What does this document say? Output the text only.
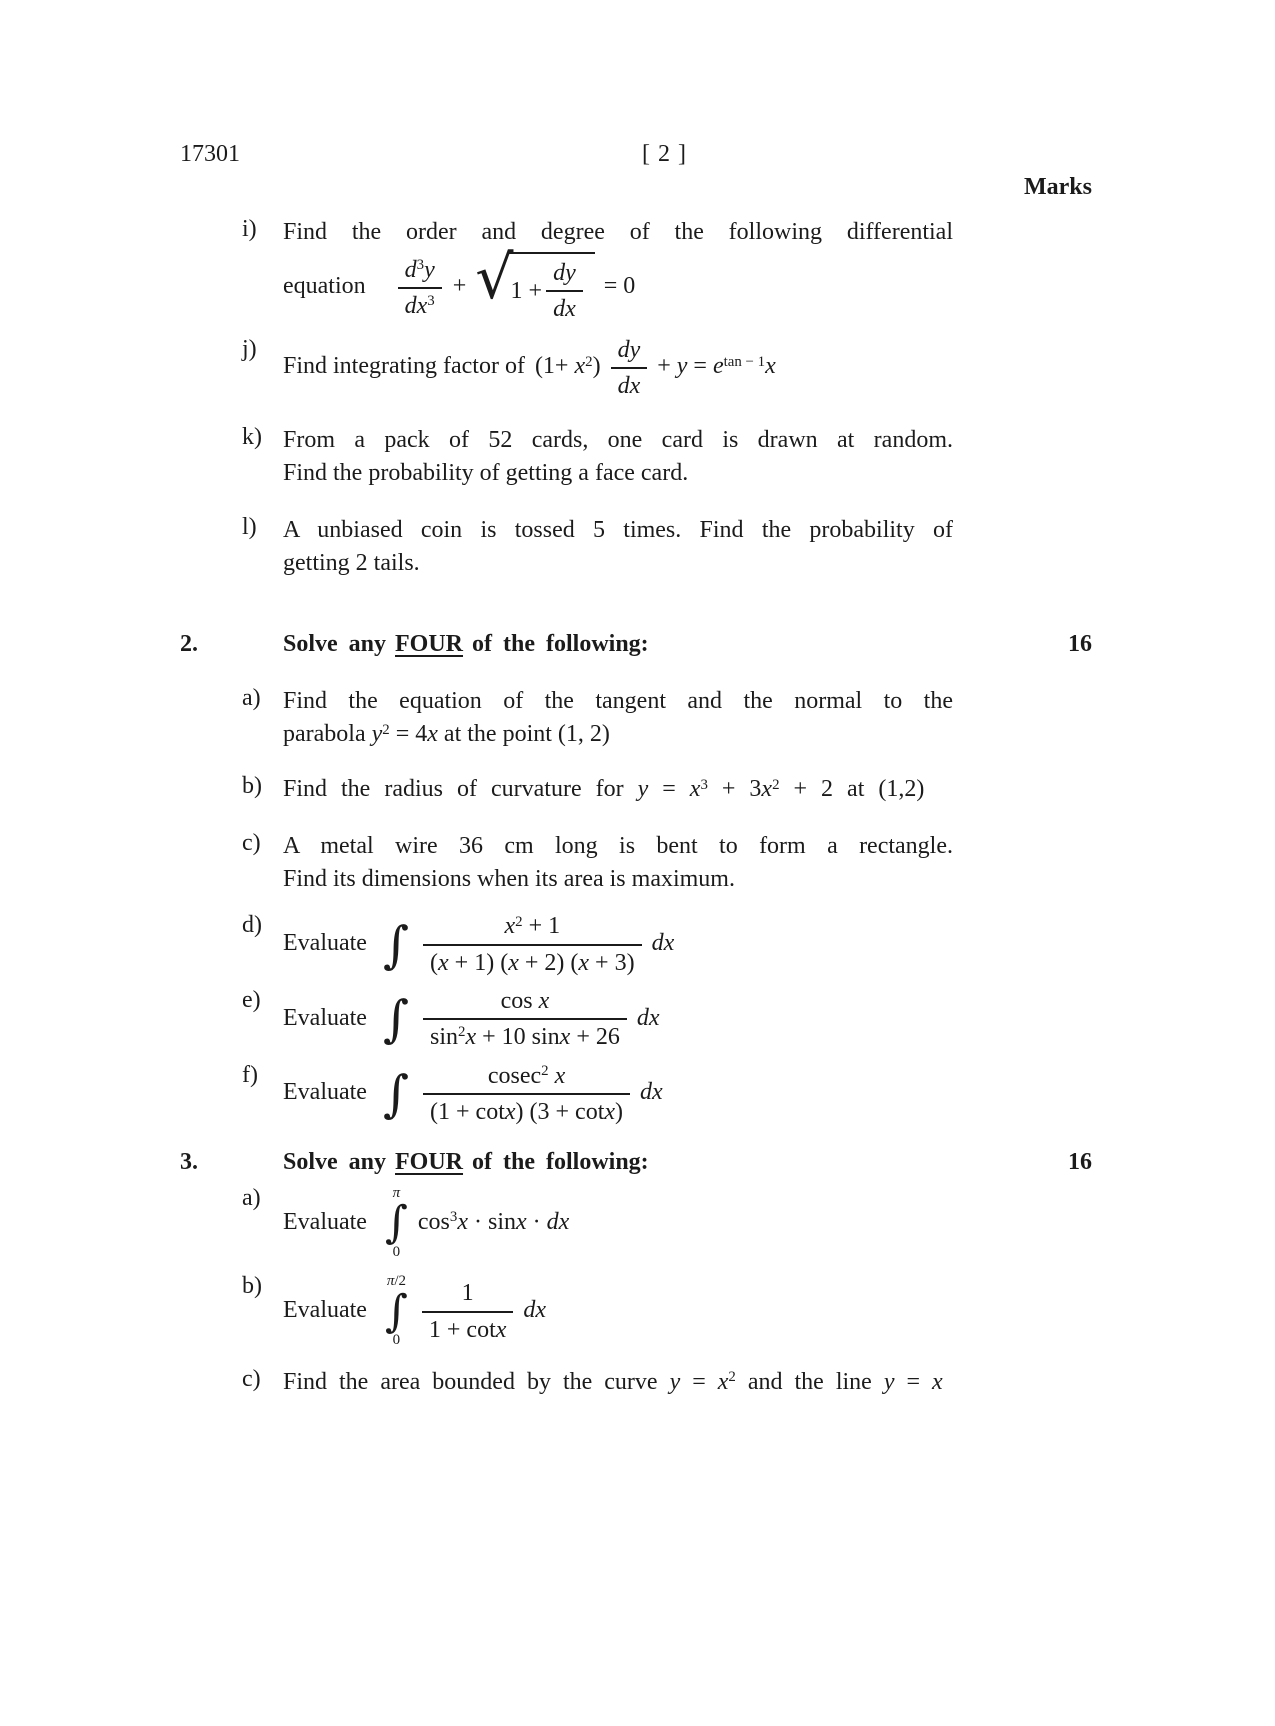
17301	[ 2 ]
Marks
i)	Find the order and degree of the following differential
equation $\frac{d^3y}{dx^3}$ + √
$1 + \frac{dy}{dx} = 0$
j)
Find integrating factor of $(1+ x^2) \frac{dy}{dx} + y = e^{tan - 1}x$
k) From a pack of 52 cards, one card is drawn at random.
Find the probability of getting a face card.
l)	A unbiased coin is tossed 5 times. Find the probability of
getting 2 tails.
2.	Solve any FOUR of the following:	16
a) Find the equation of the tangent and the normal to the
parabola $y^2 = 4x$ at the point (1, 2)
b) Find the radius of curvature for $y = x^3 + 3x^2 + 2$ at (1,2)
c) A metal wire 36 cm long is bent to form a rectangle.
Find its dimensions when its area is maximum.
d)
Evaluate ∫ $\frac{x^2 + 1}{(x + 1) (x + 2) (x + 3)}$ dx
e)
Evaluate ∫ $\frac{\text{cos x}}{\sin^2x + 10 \sin x + 26}$ dx
f)
Evaluate ∫ $\frac{cosec^2 x}{(1 + \cot x) (3 + \cot x)}$ dx
3.	Solve any FOUR of the following:	16
a)
Evaluate
π
∫
0
$\cos^3x \cdot \sin x$ · dx
b)
Evaluate
π/2
∫
$0 \frac{1}{1 + \cot x}$ dx
c) Find the area bounded by the curve $y = x^2$ and the line y = x
